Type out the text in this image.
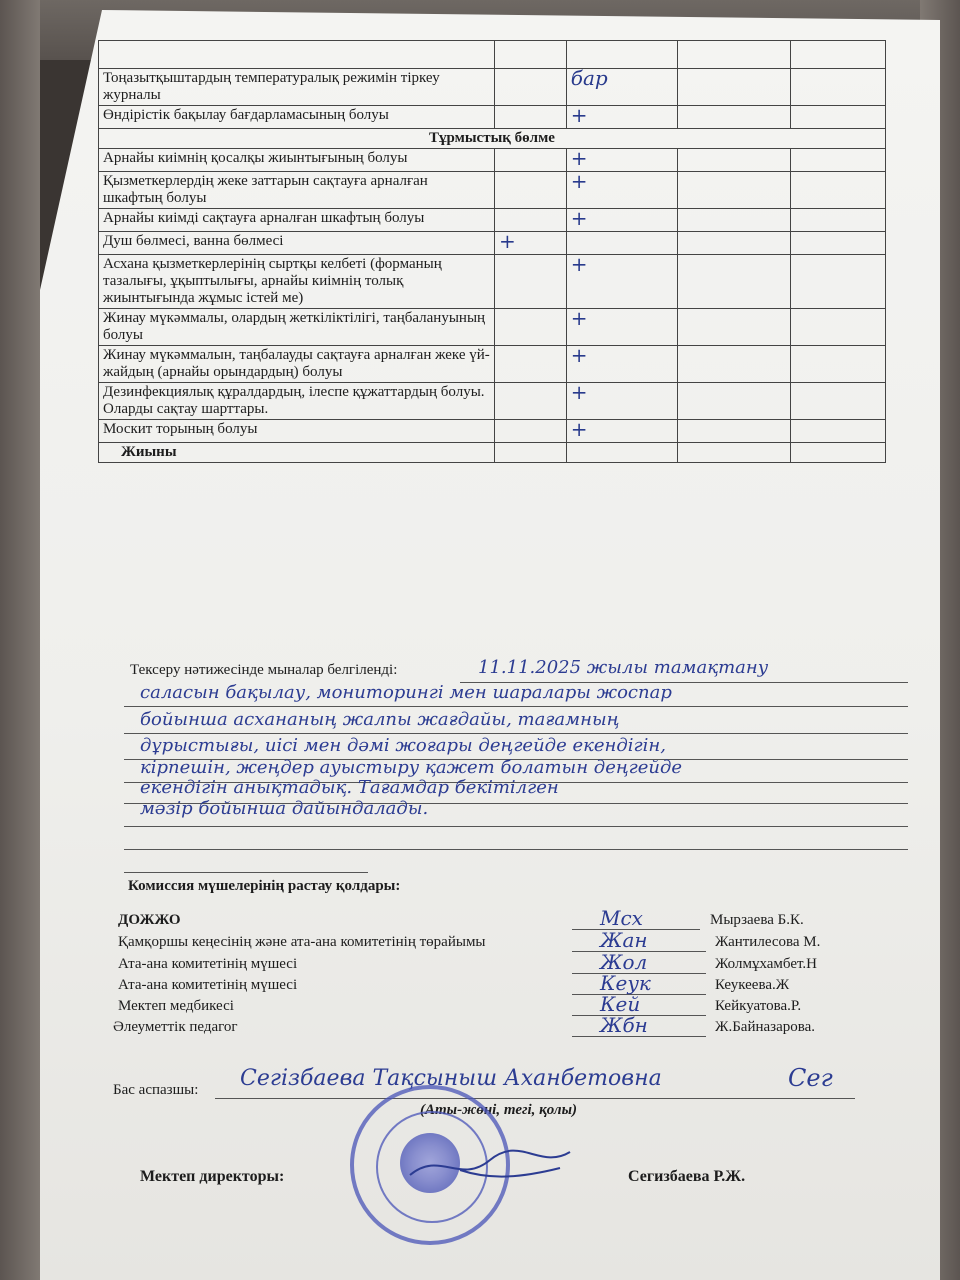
Тоңазытқыштардың температуралық режимін тіркеу журналы		бар		
Өндірістік бақылау бағдарламасының болуы		+		
Тұрмыстық бөлме				
Арнайы киімнің қосалқы жиынтығының болуы		+		
Қызметкерлердің жеке заттарын сақтауға арналған шкафтың болуы		+		
Арнайы киімді сақтауға арналған шкафтың болуы		+		
Душ бөлмесі, ванна бөлмесі	+			
Асхана қызметкерлерінің сыртқы келбеті (форманың тазалығы, ұқыптылығы, арнайы киімнің толық жиынтығында жұмыс істей ме)		+		
Жинау мүкәммалы, олардың жеткіліктілігі, таңбалануының болуы		+		
Жинау мүкәммалын, таңбалауды сақтауға арналған жеке үй-жайдың (арнайы орындардың) болуы		+		
Дезинфекциялық құралдардың, ілеспе құжаттардың болуы. Оларды сақтау шарттары.		+		
Москит торының болуы		+		
Жиыны				
Тексеру нәтижесінде мыналар белгіленді:	11.11.2025 жылы тамақтану
саласын бақылау, мониторингі мен шаралары жоспар
бойынша асхананың жалпы жағдайы, тағамның
дұрыстығы, иісі мен дәмі жоғары деңгейде екендігін,
кірпешін, жеңдер ауыстыру қажет болатын деңгейде
екендігін анықтадық. Тағамдар бекітілген
мәзір бойынша дайындалады.
Комиссия мүшелерінің растау қолдары:
ДОЖЖО	Мсх	Мырзаева Б.К.
Қамқоршы кеңесінің және ата-ана комитетінің төрайымы	Жан	Жантилесова М.
Ата-ана комитетінің мүшесі	Жол	Жолмұхамбет.Н
Ата-ана комитетінің мүшесі	Кеук	Кеукеева.Ж
Мектеп медбикесі	Кей	Кейкуатова.Р.
Әлеуметтік педагог	Жбн	Ж.Байназарова.
Бас аспазшы: Сегізбаева Тақсыныш Аханбетовна	Сег
(Аты-жөні, тегі, қолы)
Мектеп директоры:	Сегизбаева Р.Ж.
